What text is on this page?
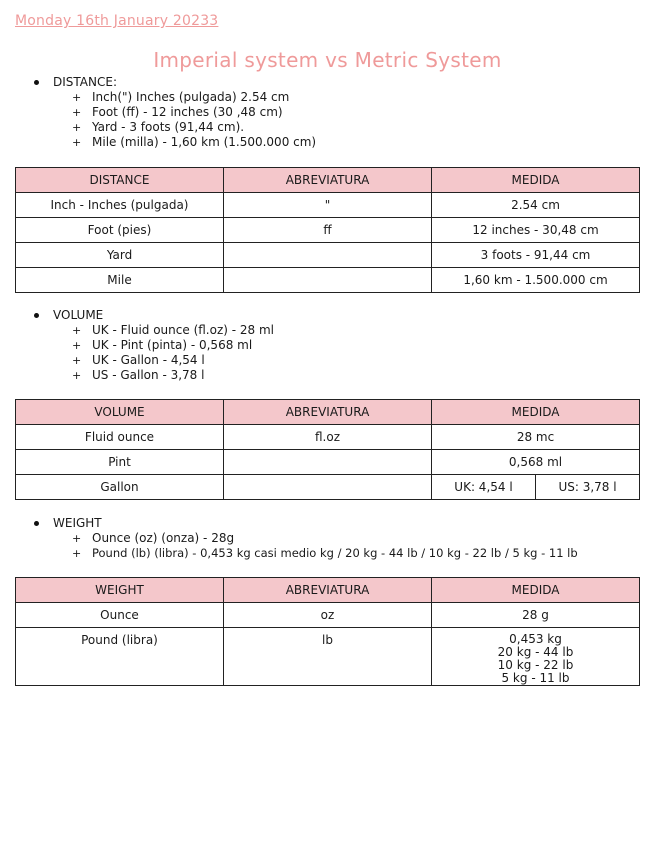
Monday 16th January 20233
Imperial system vs Metric System
DISTANCE:
+ Inch(") Inches (pulgada) 2.54 cm
+ Foot (ff) - 12 inches (30 ,48 cm)
+ Yard - 3 foots (91,44 cm).
+ Mile (milla) - 1,60 km (1.500.000 cm)
DISTANCE	ABREVIATURA	MEDIDA
Inch - Inches (pulgada)	"	2.54 cm
Foot (pies)	ff	12 inches - 30,48 cm
Yard		3 foots - 91,44 cm
Mile		1,60 km - 1.500.000 cm
VOLUME
+ UK - Fluid ounce (fl.oz) - 28 ml
+ UK - Pint (pinta) - 0,568 ml
+ UK - Gallon - 4,54 l
+ US - Gallon - 3,78 l
VOLUME	ABREVIATURA	MEDIDA	
Fluid ounce	fl.oz	28 mc	
Pint		0,568 ml	
Gallon		UK: 4,54 l	US: 3,78 l
WEIGHT
+ Ounce (oz) (onza) - 28g
+ Pound (lb) (libra) - 0,453 kg casi medio kg / 20 kg - 44 lb / 10 kg - 22 lb / 5 kg - 11 lb
WEIGHT	ABREVIATURA	MEDIDA
Ounce	oz	28 g
Pound (libra)	lb	0,453 kg
20 kg - 44 lb
10 kg - 22 lb
5 kg - 11 lb
